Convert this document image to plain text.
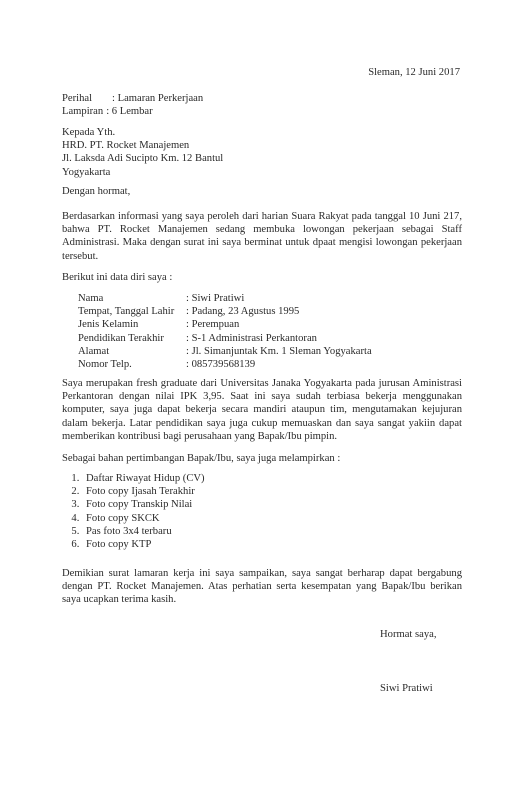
Sleman, 12 Juni 2017
Perihal	: Lamaran Perkerjaan
Lampiran : 6 Lembar
Kepada Yth.
HRD. PT. Rocket Manajemen
Jl. Laksda Adi Sucipto Km. 12 Bantul
Yogyakarta
Dengan hormat,
Berdasarkan informasi yang saya peroleh dari harian Suara Rakyat pada tanggal 10 Juni 217, bahwa PT. Rocket Manajemen sedang membuka lowongan pekerjaan sebagai Staff Administrasi. Maka dengan surat ini saya berminat untuk dpaat mengisi lowongan pekerjaan tersebut.
Berikut ini data diri saya :
Nama	: Siwi Pratiwi
Tempat, Tanggal Lahir	: Padang, 23 Agustus 1995
Jenis Kelamin	: Perempuan
Pendidikan Terakhir	: S-1 Administrasi Perkantoran
Alamat	: Jl. Simanjuntak Km. 1 Sleman Yogyakarta
Nomor Telp.	: 085739568139
Saya merupakan fresh graduate dari Universitas Janaka Yogyakarta pada jurusan Aministrasi Perkantoran dengan nilai IPK 3,95. Saat ini saya sudah terbiasa bekerja menggunakan komputer, saya juga dapat bekerja secara mandiri ataupun tim, mengutamakan kejujuran dalam bekerja. Latar pendidikan saya juga cukup memuaskan dan saya sangat yakiin dapat memberikan kontribusi bagi perusahaan yang Bapak/Ibu pimpin.
Sebagai bahan pertimbangan Bapak/Ibu, saya juga melampirkan :
1. Daftar Riwayat Hidup (CV)
2. Foto copy Ijasah Terakhir
3. Foto copy Transkip Nilai
4. Foto copy SKCK
5. Pas foto 3x4 terbaru
6. Foto copy KTP
Demikian surat lamaran kerja ini saya sampaikan, saya sangat berharap dapat bergabung dengan PT. Rocket Manajemen. Atas perhatian serta kesempatan yang Bapak/Ibu berikan saya ucapkan terima kasih.
Hormat saya,
Siwi Pratiwi
